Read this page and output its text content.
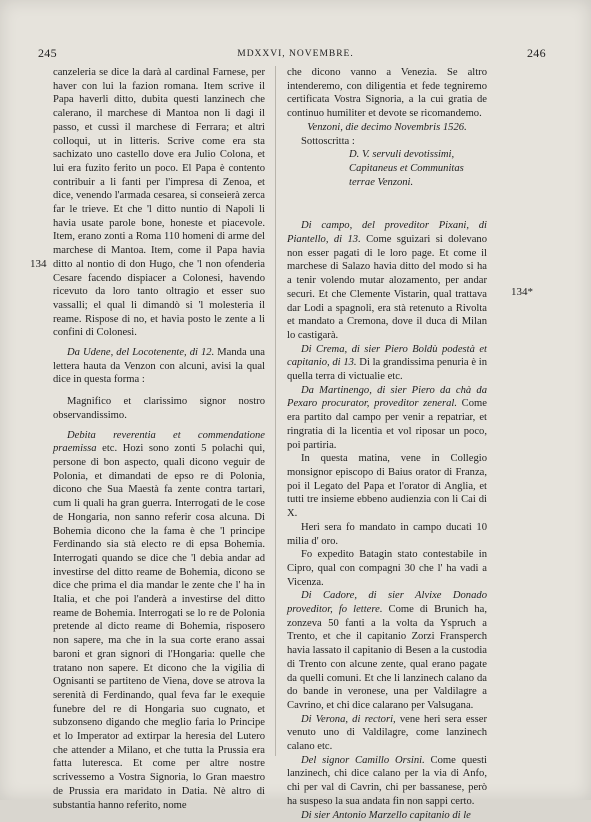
245	MDXXVI, NOVEMBRE.	246
134
134*

canzeleria se dice la darà al cardinal Farnese, per haver con lui la fazion romana. Item scrive il Papa haverli ditto, dubita questi lanzinech che calerano, il marchese di Mantoa non li dagi il passo, et cussì il marchese di Ferrara; et altri colloqui, ut in litteris. Scrive come era sta sachizato uno castello dove era Julio Colona, et lui era fuzito ferito un poco. El Papa è contento contribuir a li fanti per l'impresa di Zenoa, et dice, venendo l'armada cesarea, si conseierà zerca far le trieve. Et che 'l ditto nuntio di Napoli li havia usate parole bone, honeste et piacevole. Item, erano zonti a Roma 110 homeni di arme del marchese di Mantoa. Item, come il Papa havia ditto al nontio di don Hugo, che 'l non ofenderia Cesare facendo dispiacer a Colonesi, havendo ricevuto da loro tanto oltragio et esser suo vassalli; el qual li dimandò si 'l molesteria il reame. Rispose di no, et havia posto le zente a li confini di Colonesi.

Da Udene, del Locotenente, di 12. Manda una lettera hauta da Venzon con alcuni, avisi la qual dice in questa forma :

Magnifico et clarissimo signor nostro observandissimo.

Debita reverentia et commendatione praemissa etc. Hozi sono zonti 5 polachi qui, persone di bon aspecto, quali dicono veguir de Polonia, et dimandati de epso re di Polonia, dicono che Sua Maestà fa zente contra tartari, cum li quali ha gran guerra. Interrogati de le cose de Hongaria, non sanno referir cosa alcuna. Di Bohemia dicono che la fama è che 'l principe Ferdinando sia stà electo re di epsa Bohemia. Interrogati quando se dice che 'l debia andar ad investirse del ditto reame de Bohemia, dicono se dice che prima el dia mandar le zente che l' ha in Italia, et che poi l'anderà a investirse del ditto reame de Bohemia. Interrogati se lo re de Polonia pretende al dicto reame di Bohemia, risposero non sapere, ma che in la sua corte erano assai baroni et gran signori di l'Hongaria: quelle che tratano non sapere. Et dicono che la vigilia di Ognisanti se partiteno de Viena, dove se atrova la serenità di Ferdinando, qual feva far le exequie funebre del re di Hongaria suo cugnato, et subzonseno digando che meglio faria lo Principe et lo Imperator ad extirpar la heresia del Lutero che attender a Milano, et che tutta la Prussia era fatta luteresca. Et come per altre nostre scrivessemo a Vostra Signoria, lo Gran maestro de Prussia era maridato in Datia. Nè altro di substantia hanno referito, nome

che dicono vanno a Venezia. Se altro intenderemo, con diligentia et fede tegniremo certificata Vostra Signoria, a la cui gratia de continuo humiliter et devote se ricomandemo.

Venzoni, die decimo Novembris 1526.

Sottoscritta :

D. V. servuli devotissimi, Capitaneus et Communitas terrae Venzoni.

Di campo, del proveditor Pixani, di Piantello, di 13. Come sguizari si dolevano non esser pagati di le loro page. Et come il marchese di Salazo havia ditto del modo si ha a tenir volendo mutar alozamento, per andar securi. Et che Clemente Vistarin, qual trattava dar Lodi a spagnoli, era stà retenuto a Rivolta et mandato a Cremona, dove il duca di Milan lo castigarà.

Di Crema, di sier Piero Boldù podestà et capitanio, di 13. Di la grandissima penuria è in quella terra di victualie etc.

Da Martinengo, di sier Piero da chà da Pexaro procurator, proveditor zeneral. Come era partito dal campo per venir a repatriar, et ringratia di la licentia et vol riposar un poco, poi partiria.

In questa matina, vene in Collegio monsignor episcopo di Baius orator di Franza, poi il Legato del Papa et l'orator di Anglia, et tutti tre insieme ebbeno audienzia con li Cai di X.

Heri sera fo mandato in campo ducati 10 milia d' oro.

Fo expedito Batagin stato contestabile in Cipro, qual con compagni 30 che l' ha vadi a Vicenza.

Di Cadore, di sier Alvixe Donado proveditor, fo lettere. Come di Brunich ha, zonzeva 50 fanti a la volta da Yspruch a Trento, et che il capitanio Zorzi Fransperch havia lassato il capitanio di Besen a la custodia di Trento con alcune zente, qual erano pagate da quelli comuni. Et che li lanzinech calano da do bande in veronese, una per Valdilagre a Cavrino, et chi dice calarano per Valsugana.

Di Verona, di rectori, vene heri sera esser venuto uno di Valdilagre, come lanzinech calano etc.

Del signor Camillo Orsini. Come questi lanzinech, chi dice calano per la via di Anfo, chi per val di Cavrin, chi per bassanese, però ha suspeso la sua andata fin non sappi certo.

Di sier Antonio Marzello capitanio di le
